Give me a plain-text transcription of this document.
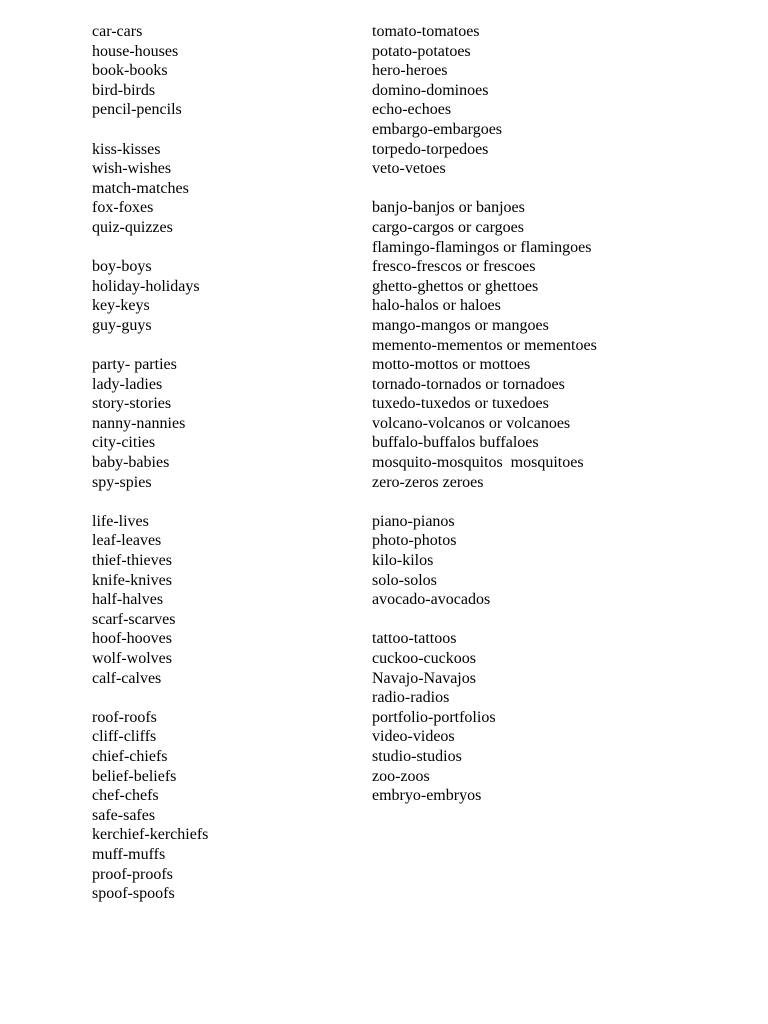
car-cars
house-houses
book-books
bird-birds
pencil-pencils
kiss-kisses
wish-wishes
match-matches
fox-foxes
quiz-quizzes
boy-boys
holiday-holidays
key-keys
guy-guys
party- parties
lady-ladies
story-stories
nanny-nannies
city-cities
baby-babies
spy-spies
life-lives
leaf-leaves
thief-thieves
knife-knives
half-halves
scarf-scarves
hoof-hooves
wolf-wolves
calf-calves
roof-roofs
cliff-cliffs
chief-chiefs
belief-beliefs
chef-chefs
safe-safes
kerchief-kerchiefs
muff-muffs
proof-proofs
spoof-spoofs
tomato-tomatoes
potato-potatoes
hero-heroes
domino-dominoes
echo-echoes
embargo-embargoes
torpedo-torpedoes
veto-vetoes
banjo-banjos or banjoes
cargo-cargos or cargoes
flamingo-flamingos or flamingoes
fresco-frescos or frescoes
ghetto-ghettos or ghettoes
halo-halos or haloes
mango-mangos or mangoes
memento-mementos or mementoes
motto-mottos or mottoes
tornado-tornados or tornadoes
tuxedo-tuxedos or tuxedoes
volcano-volcanos or volcanoes
buffalo-buffalos buffaloes
mosquito-mosquitos  mosquitoes
zero-zeros zeroes
piano-pianos
photo-photos
kilo-kilos
solo-solos
avocado-avocados
tattoo-tattoos
cuckoo-cuckoos
Navajo-Navajos
radio-radios
portfolio-portfolios
video-videos
studio-studios
zoo-zoos
embryo-embryos
